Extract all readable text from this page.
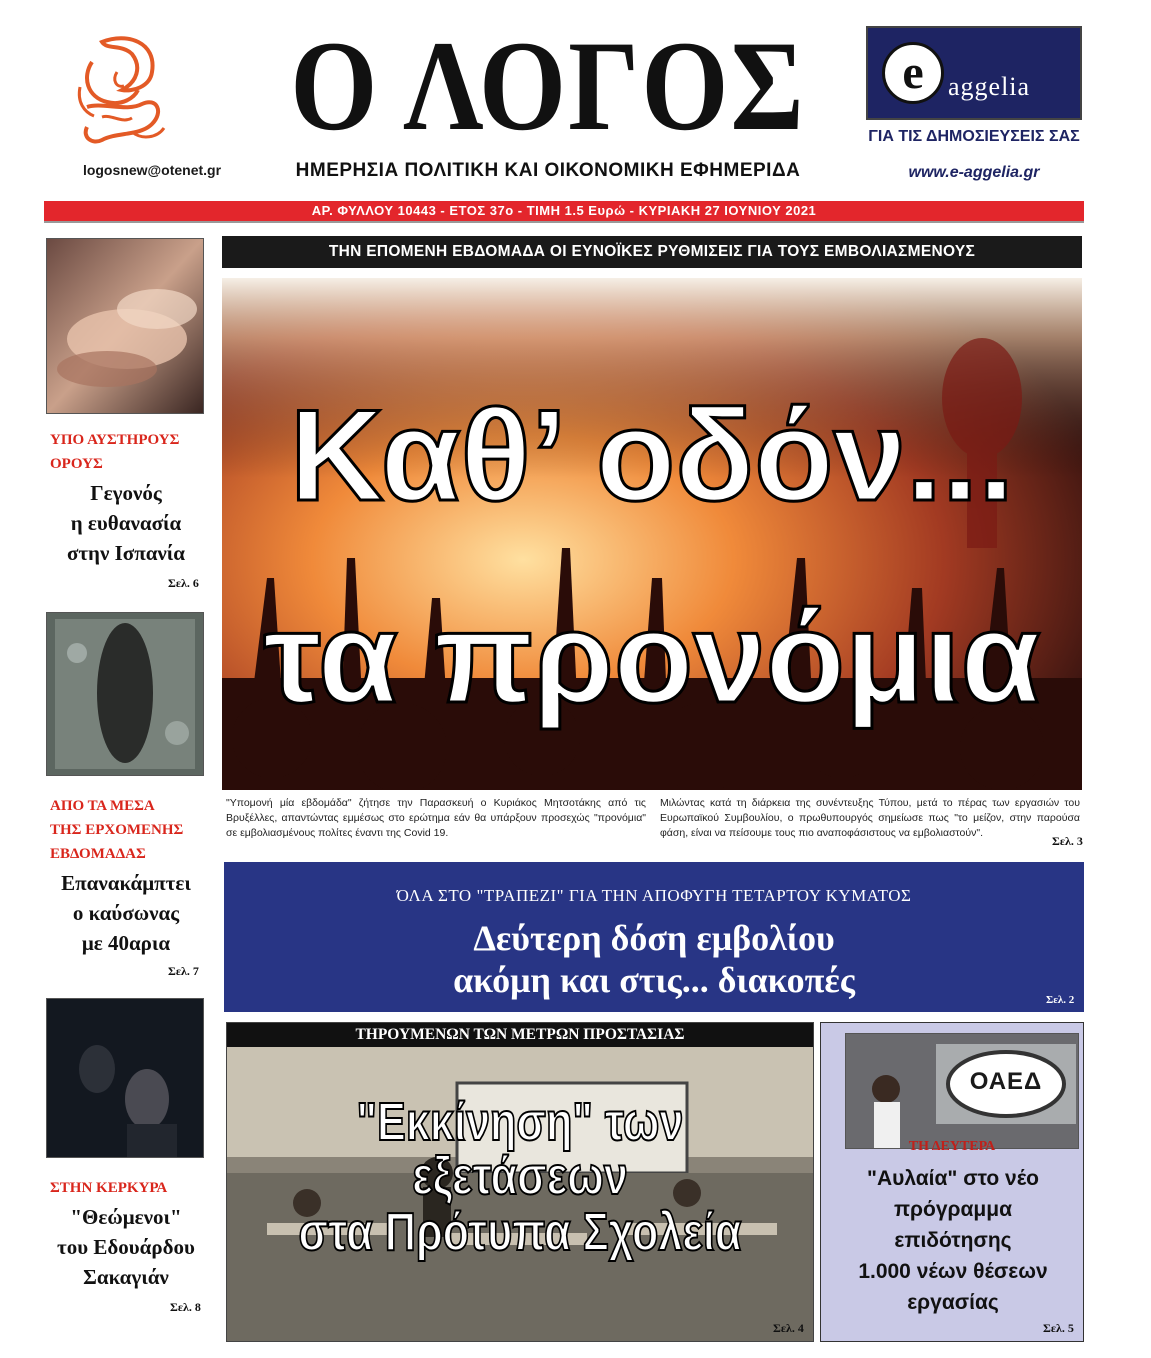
logosnew@otenet.gr
Ο ΛΟΓΟΣ
ΗΜΕΡΗΣΙΑ ΠΟΛΙΤΙΚΗ ΚΑΙ ΟΙΚΟΝΟΜΙΚΗ ΕΦΗΜΕΡΙΔΑ
e aggelia
ΓΙΑ ΤΙΣ ΔΗΜΟΣΙΕΥΣΕΙΣ ΣΑΣ
www.e-aggelia.gr
ΑΡ. ΦΥΛΛΟΥ 10443 - ΕΤΟΣ 37ο - ΤΙΜΗ 1.5 Ευρώ - ΚΥΡΙΑΚΗ 27 ΙΟΥΝΙΟΥ 2021
ΥΠΟ ΑΥΣΤΗΡΟΥΣ
ΟΡΟΥΣ
Γεγονός
η ευθανασία
στην Ισπανία
Σελ. 6
ΑΠΟ ΤΑ ΜΕΣΑ
ΤΗΣ ΕΡΧΟΜΕΝΗΣ
ΕΒΔΟΜΑΔΑΣ
Επανακάμπτει
ο καύσωνας
με 40αρια
Σελ. 7
ΣΤΗΝ ΚΕΡΚΥΡΑ
"Θεώμενοι"
του Εδουάρδου
Σακαγιάν
Σελ. 8
ΤΗΝ ΕΠΟΜΕΝΗ ΕΒΔΟΜΑΔΑ ΟΙ ΕΥΝΟΪΚΕΣ ΡΥΘΜΙΣΕΙΣ ΓΙΑ ΤΟΥΣ ΕΜΒΟΛΙΑΣΜΕΝΟΥΣ
Καθ’ οδόν...
τα προνόμια
"Υπομονή μία εβδομάδα" ζήτησε την Παρασκευή ο Κυριάκος Μητσοτάκης από τις Βρυξέλλες, απαντώντας εμμέσως στο ερώτημα εάν θα υπάρξουν προσεχώς "προνόμια" σε εμβολιασμένους πολίτες έναντι της Covid 19.
Μιλώντας κατά τη διάρκεια της συνέντευξης Τύπου, μετά το πέρας των εργασιών του Ευρωπαϊκού Συμβουλίου, ο πρωθυπουργός σημείωσε πως "το μείζον, στην παρούσα φάση, είναι να πείσουμε τους πιο αναποφάσιστους να εμβολιαστούν".
Σελ. 3
ΌΛΑ ΣΤΟ "ΤΡΑΠΕΖΙ" ΓΙΑ ΤΗΝ ΑΠΟΦΥΓΗ ΤΕΤΑΡΤΟΥ ΚΥΜΑΤΟΣ
Δεύτερη δόση εμβολίου
ακόμη και στις... διακοπές	Σελ. 2
ΤΗΡΟΥΜΕΝΩΝ ΤΩΝ ΜΕΤΡΩΝ ΠΡΟΣΤΑΣΙΑΣ
"Εκκίνηση" των εξετάσεων
στα Πρότυπα Σχολεία
Σελ. 4
ΟΑΕΔ
ΤΗ ΔΕΥΤΕΡΑ
"Αυλαία" στο νέο
πρόγραμμα επιδότησης
1.000 νέων θέσεων
εργασίας
Σελ. 5
